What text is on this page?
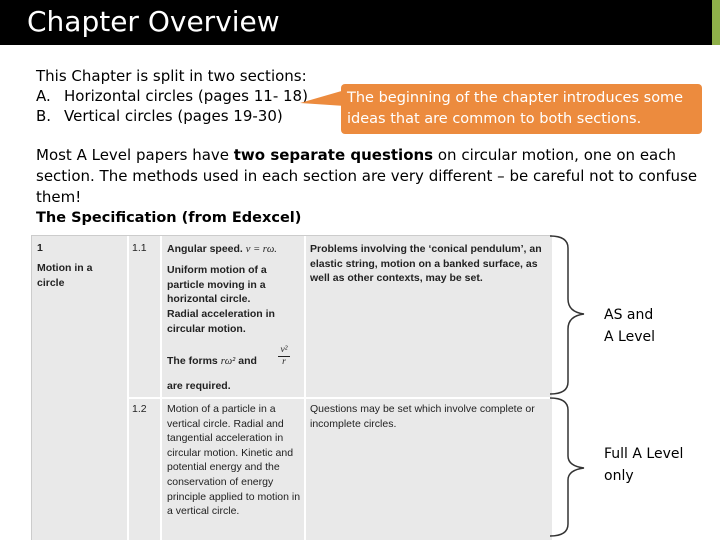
Chapter Overview
This Chapter is split in two sections:
A. Horizontal circles (pages 11- 18)
B. Vertical circles (pages 19-30)
The beginning of the chapter introduces some ideas that are common to both sections.
Most A Level papers have two separate questions on circular motion, one on each section. The methods used in each section are very different – be careful not to confuse them!
The Specification (from Edexcel)
1
Motion in a circle
1.1 Angular speed. v = rω.
Uniform motion of a particle moving in a horizontal circle.
Radial acceleration in circular motion.
The forms rω² and	$\frac{\text{v²}}{r}$
are required.
Problems involving the ‘conical pendulum’, an elastic string, motion on a banked surface, as well as other contexts, may be set.
1.2 Motion of a particle in a vertical circle. Radial and tangential acceleration in circular motion. Kinetic and potential energy and the conservation of energy principle applied to motion in a vertical circle.
Questions may be set which involve complete or incomplete circles.
AS and
A Level
Full A Level
only
